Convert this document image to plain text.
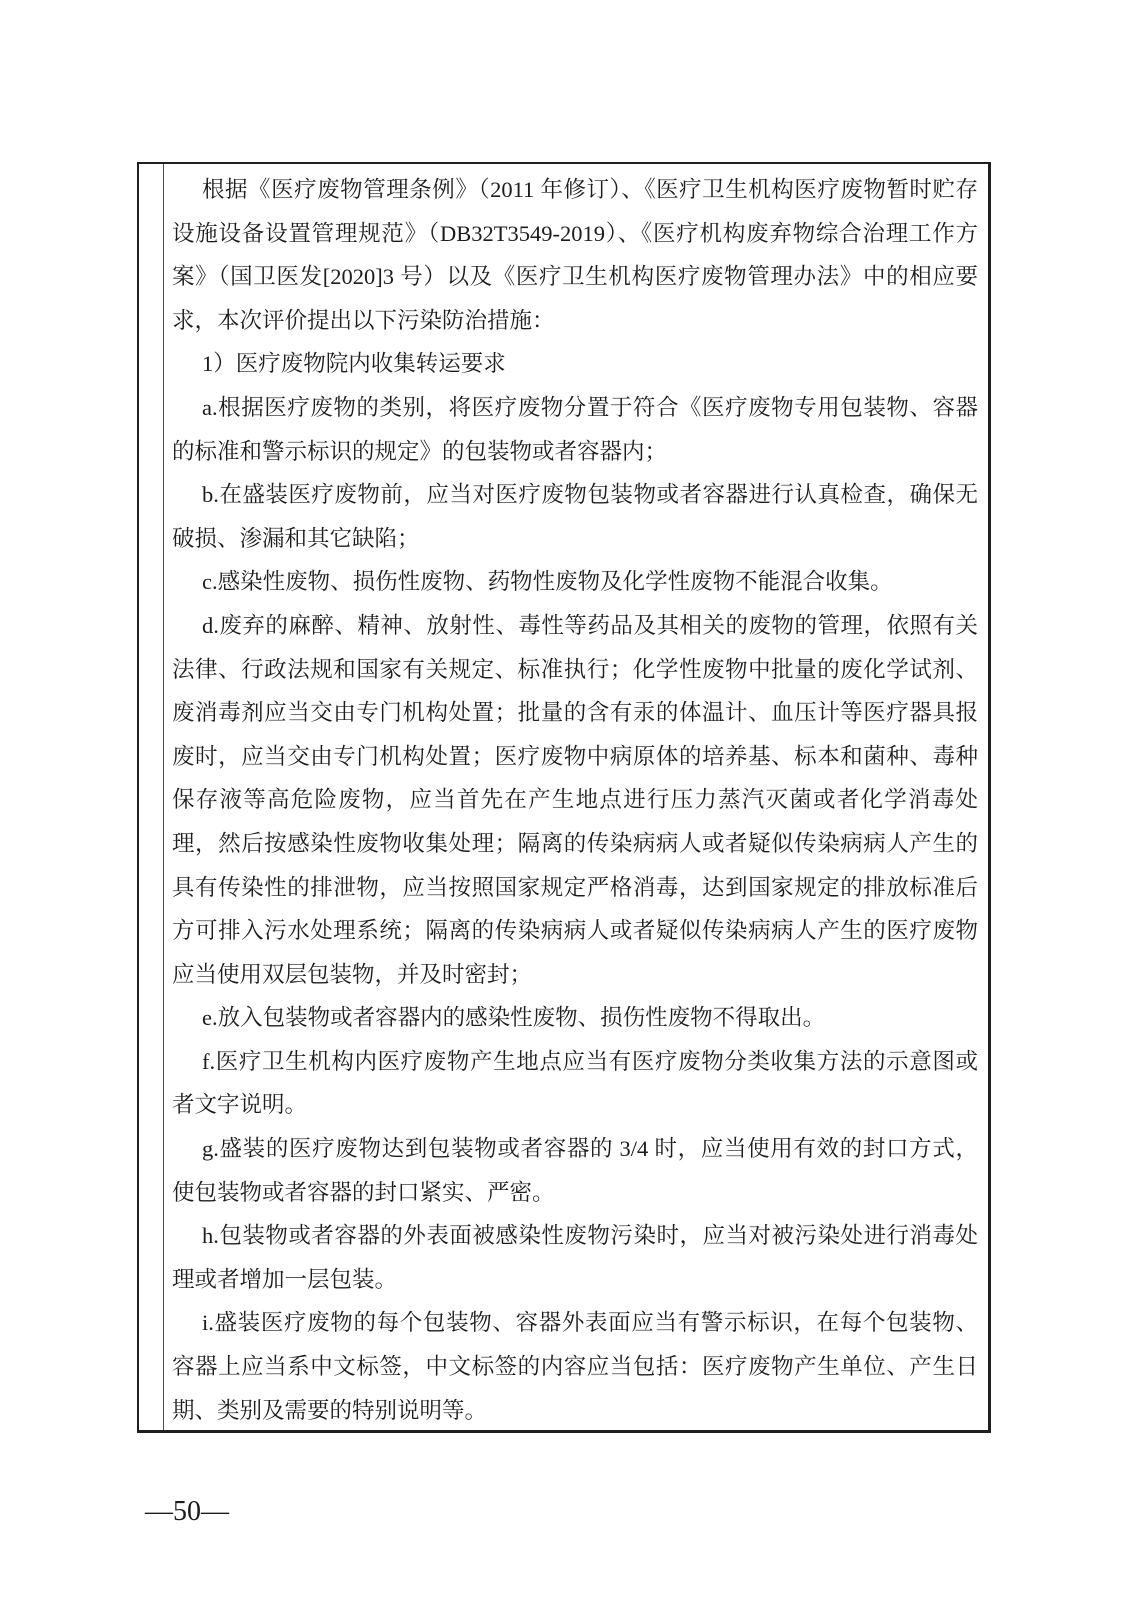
根据《医疗废物管理条例》（2011 年修订）、《医疗卫生机构医疗废物暂时贮存设施设备设置管理规范》（DB32T3549-2019）、《医疗机构废弃物综合治理工作方案》（国卫医发[2020]3 号）以及《医疗卫生机构医疗废物管理办法》中的相应要求，本次评价提出以下污染防治措施：

1）医疗废物院内收集转运要求

a.根据医疗废物的类别，将医疗废物分置于符合《医疗废物专用包装物、容器的标准和警示标识的规定》的包装物或者容器内；

b.在盛装医疗废物前，应当对医疗废物包装物或者容器进行认真检查，确保无破损、渗漏和其它缺陷；

c.感染性废物、损伤性废物、药物性废物及化学性废物不能混合收集。

d.废弃的麻醉、精神、放射性、毒性等药品及其相关的废物的管理，依照有关法律、行政法规和国家有关规定、标准执行；化学性废物中批量的废化学试剂、废消毒剂应当交由专门机构处置；批量的含有汞的体温计、血压计等医疗器具报废时，应当交由专门机构处置；医疗废物中病原体的培养基、标本和菌种、毒种保存液等高危险废物，应当首先在产生地点进行压力蒸汽灭菌或者化学消毒处理，然后按感染性废物收集处理；隔离的传染病病人或者疑似传染病病人产生的具有传染性的排泄物，应当按照国家规定严格消毒，达到国家规定的排放标准后方可排入污水处理系统；隔离的传染病病人或者疑似传染病病人产生的医疗废物应当使用双层包装物，并及时密封；

e.放入包装物或者容器内的感染性废物、损伤性废物不得取出。

f.医疗卫生机构内医疗废物产生地点应当有医疗废物分类收集方法的示意图或者文字说明。

g.盛装的医疗废物达到包装物或者容器的 3/4 时，应当使用有效的封口方式，使包装物或者容器的封口紧实、严密。

h.包装物或者容器的外表面被感染性废物污染时，应当对被污染处进行消毒处理或者增加一层包装。

i.盛装医疗废物的每个包装物、容器外表面应当有警示标识，在每个包装物、容器上应当系中文标签，中文标签的内容应当包括：医疗废物产生单位、产生日期、类别及需要的特别说明等。

—50—
